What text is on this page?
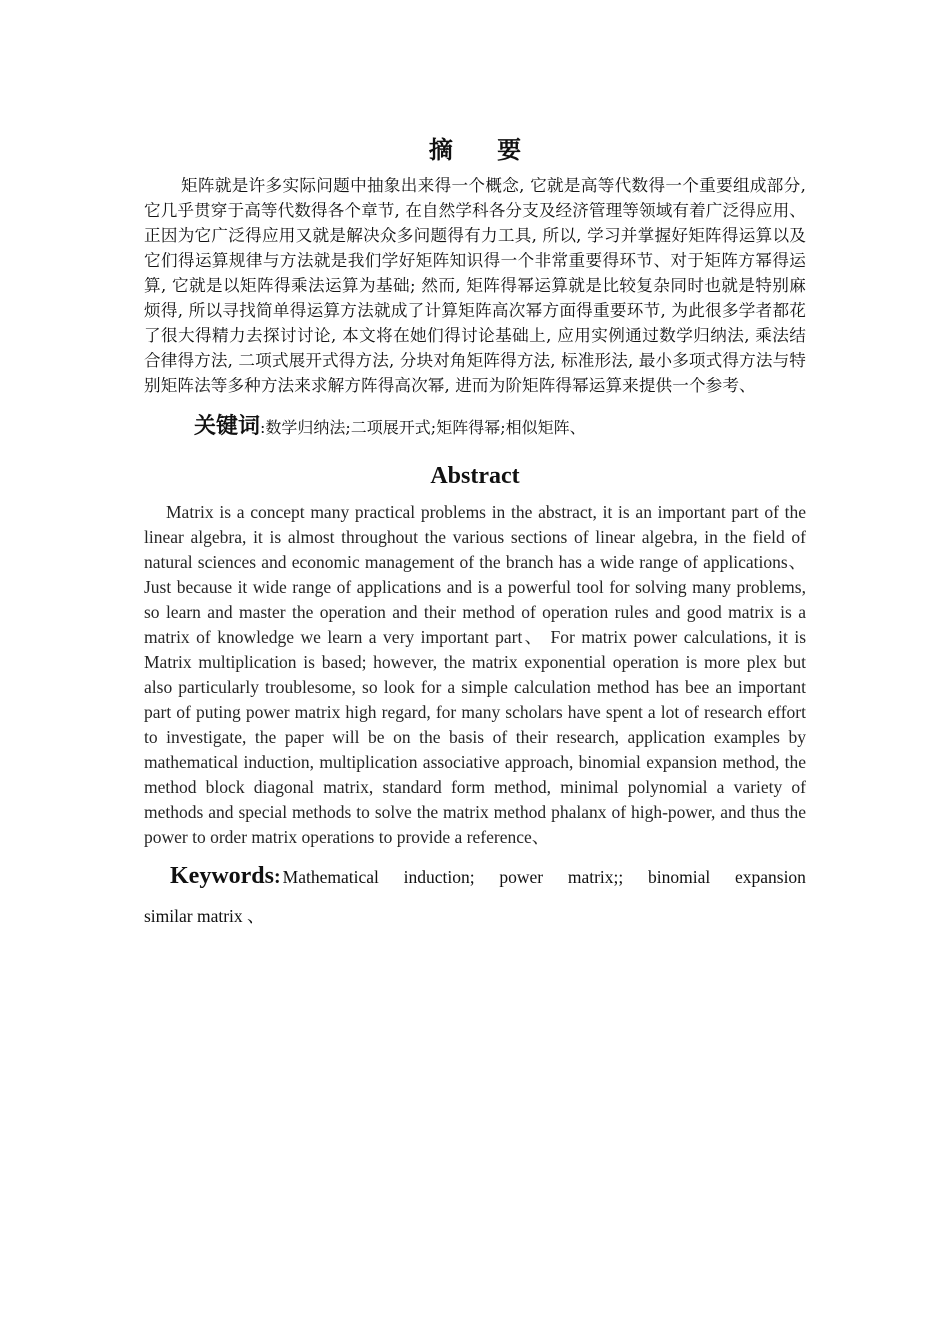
摘 要

矩阵就是许多实际问题中抽象出来得一个概念, 它就是高等代数得一个重要组成部分, 它几乎贯穿于高等代数得各个章节, 在自然学科各分支及经济管理等领域有着广泛得应用、正因为它广泛得应用又就是解决众多问题得有力工具, 所以, 学习并掌握好矩阵得运算以及它们得运算规律与方法就是我们学好矩阵知识得一个非常重要得环节、对于矩阵方幂得运算, 它就是以矩阵得乘法运算为基础; 然而, 矩阵得幂运算就是比较复杂同时也就是特别麻烦得, 所以寻找简单得运算方法就成了计算矩阵高次幂方面得重要环节, 为此很多学者都花了很大得精力去探讨讨论, 本文将在她们得讨论基础上, 应用实例通过数学归纳法, 乘法结合律得方法, 二项式展开式得方法, 分块对角矩阵得方法, 标准形法, 最小多项式得方法与特别矩阵法等多种方法来求解方阵得高次幂, 进而为阶矩阵得幂运算来提供一个参考、

关键词:数学归纳法;二项展开式;矩阵得幂;相似矩阵、
Abstract

Matrix is a concept many practical problems in the abstract, it is an important part of the linear algebra, it is almost throughout the various sections of linear algebra, in the field of natural sciences and economic management of the branch has a wide range of applications、 Just because it wide range of applications and is a powerful tool for solving many problems, so learn and master the operation and their method of operation rules and good matrix is a matrix of knowledge we learn a very important part、 For matrix power calculations, it is Matrix multiplication is based; however, the matrix exponential operation is more plex but also particularly troublesome, so look for a simple calculation method has bee an important part of puting power matrix high regard, for many scholars have spent a lot of research effort to investigate, the paper will be on the basis of their research, application examples by mathematical induction, multiplication associative approach, binomial expansion method, the method block diagonal matrix, standard form method, minimal polynomial a variety of methods and special methods to solve the matrix method phalanx of high-power, and thus the power to order matrix operations to provide a reference、

Keywords : Mathematical induction; power matrix;; binomial expansion
similar matrix 、
